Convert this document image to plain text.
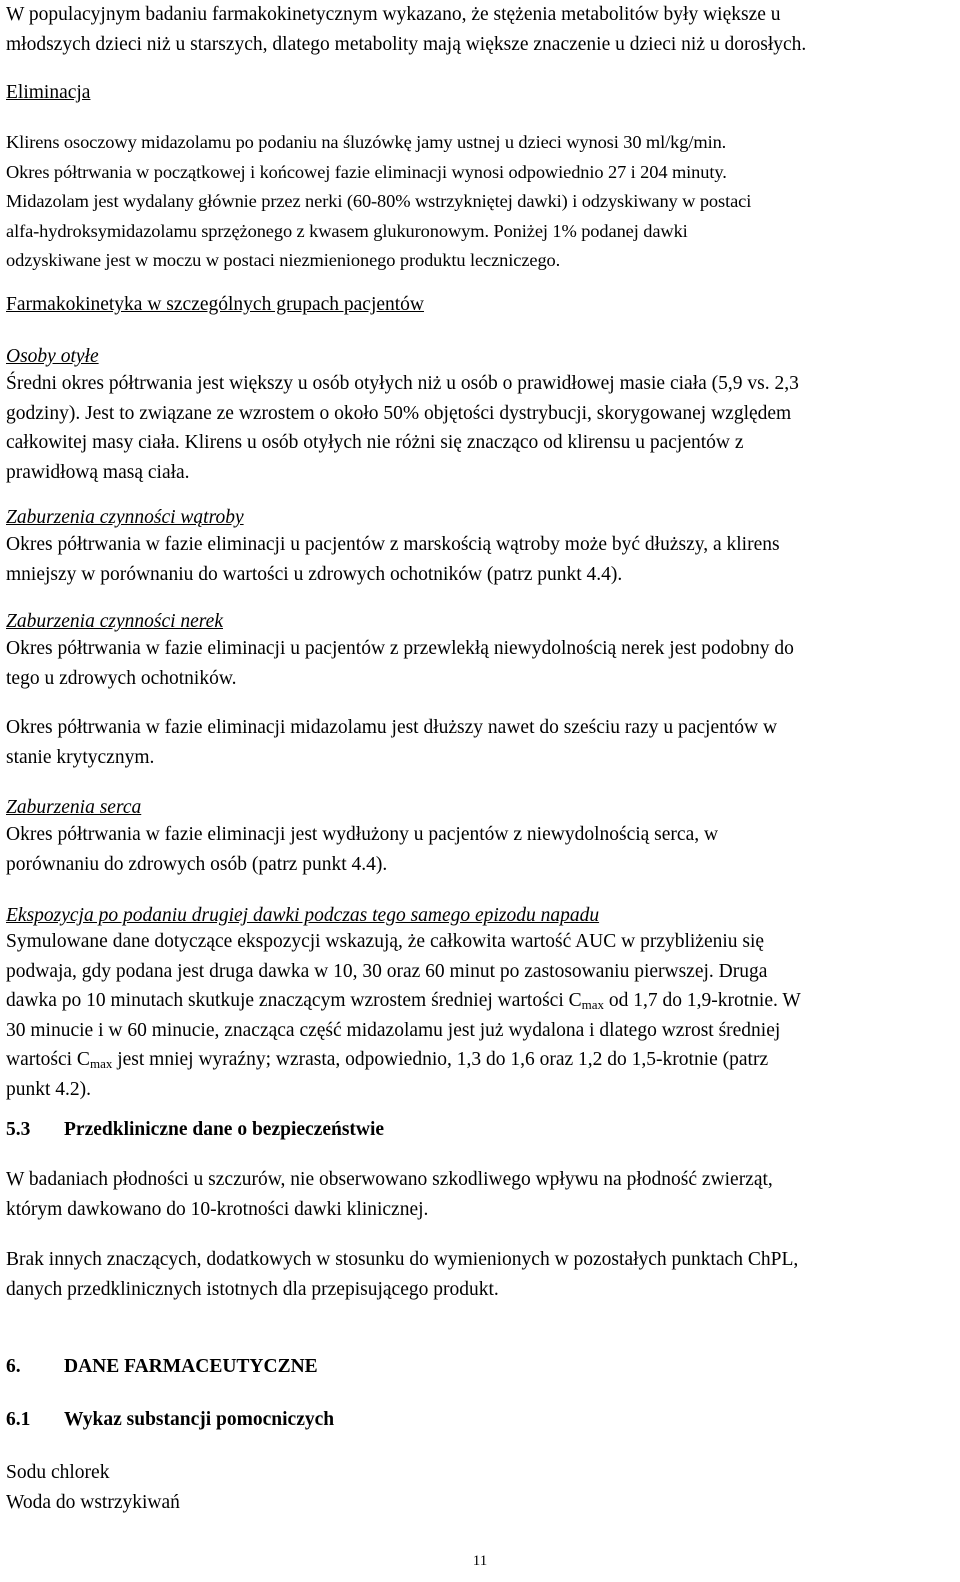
W populacyjnym badaniu farmakokinetycznym wykazano, że stężenia metabolitów były większe u

młodszych dzieci niż u starszych, dlatego metabolity mają większe znaczenie u dzieci niż u dorosłych.

Eliminacja

Klirens osoczowy midazolamu po podaniu na śluzówkę jamy ustnej u dzieci wynosi 30 ml/kg/min.

Okres półtrwania w początkowej i końcowej fazie eliminacji wynosi odpowiednio 27 i 204 minuty.

Midazolam jest wydalany głównie przez nerki (60-80% wstrzykniętej dawki) i odzyskiwany w postaci

alfa-hydroksymidazolamu sprzężonego z kwasem glukuronowym. Poniżej 1% podanej dawki

odzyskiwane jest w moczu w postaci niezmienionego produktu leczniczego.

Farmakokinetyka w szczególnych grupach pacjentów

Osoby otyłe

Średni okres półtrwania jest większy u osób otyłych niż u osób o prawidłowej masie ciała (5,9 vs. 2,3

godziny). Jest to związane ze wzrostem o około 50% objętości dystrybucji, skorygowanej względem

całkowitej masy ciała. Klirens u osób otyłych nie różni się znacząco od klirensu u pacjentów z

prawidłową masą ciała.

Zaburzenia czynności wątroby

Okres półtrwania w fazie eliminacji u pacjentów z marskością wątroby może być dłuższy, a klirens

mniejszy w porównaniu do wartości u zdrowych ochotników (patrz punkt 4.4).

Zaburzenia czynności nerek

Okres półtrwania w fazie eliminacji u pacjentów z przewlekłą niewydolnością nerek jest podobny do

tego u zdrowych ochotników.

Okres półtrwania w fazie eliminacji midazolamu jest dłuższy nawet do sześciu razy u pacjentów w

stanie krytycznym.

Zaburzenia serca

Okres półtrwania w fazie eliminacji jest wydłużony u pacjentów z niewydolnością serca, w

porównaniu do zdrowych osób (patrz punkt 4.4).

Ekspozycja po podaniu drugiej dawki podczas tego samego epizodu napadu

Symulowane dane dotyczące ekspozycji wskazują, że całkowita wartość AUC w przybliżeniu się

podwaja, gdy podana jest druga dawka w 10, 30 oraz 60 minut po zastosowaniu pierwszej. Druga

dawka po 10 minutach skutkuje znaczącym wzrostem średniej wartości $C_{max}$ od 1,7 do 1,9-krotnie. W

30 minucie i w 60 minucie, znacząca część midazolamu jest już wydalona i dlatego wzrost średniej

wartości $C_{max}$ jest mniej wyraźny; wzrasta, odpowiednio, 1,3 do 1,6 oraz 1,2 do 1,5-krotnie (patrz

punkt 4.2).

5.3 Przedkliniczne dane o bezpieczeństwie

W badaniach płodności u szczurów, nie obserwowano szkodliwego wpływu na płodność zwierząt,

którym dawkowano do 10-krotności dawki klinicznej.

Brak innych znaczących, dodatkowych w stosunku do wymienionych w pozostałych punktach ChPL,

danych przedklinicznych istotnych dla przepisującego produkt.

6. DANE FARMACEUTYCZNE

6.1 Wykaz substancji pomocniczych

Sodu chlorek

Woda do wstrzykiwań

11
